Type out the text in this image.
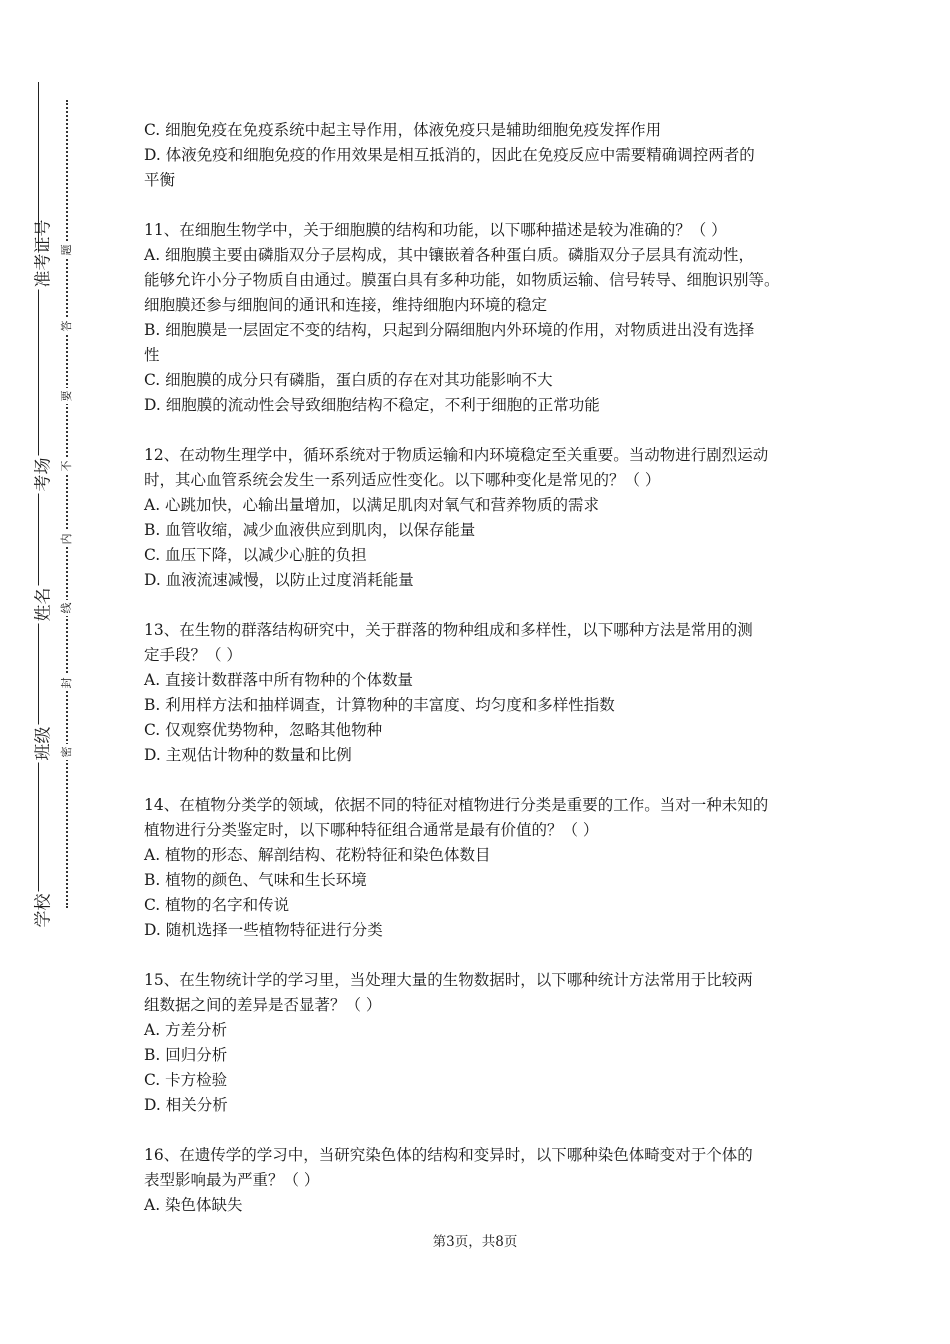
准考证号
考场
姓名
班级
学校
题
答
要
不
内
线
封
密
C. 细胞免疫在免疫系统中起主导作用，体液免疫只是辅助细胞免疫发挥作用
D. 体液免疫和细胞免疫的作用效果是相互抵消的，因此在免疫反应中需要精确调控两者的
平衡
11、在细胞生物学中，关于细胞膜的结构和功能，以下哪种描述是较为准确的？（ ）
A. 细胞膜主要由磷脂双分子层构成，其中镶嵌着各种蛋白质。磷脂双分子层具有流动性，
能够允许小分子物质自由通过。膜蛋白具有多种功能，如物质运输、信号转导、细胞识别等。
细胞膜还参与细胞间的通讯和连接，维持细胞内环境的稳定
B. 细胞膜是一层固定不变的结构，只起到分隔细胞内外环境的作用，对物质进出没有选择
性
C. 细胞膜的成分只有磷脂，蛋白质的存在对其功能影响不大
D. 细胞膜的流动性会导致细胞结构不稳定，不利于细胞的正常功能
12、在动物生理学中，循环系统对于物质运输和内环境稳定至关重要。当动物进行剧烈运动
时，其心血管系统会发生一系列适应性变化。以下哪种变化是常见的？（ ）
A. 心跳加快，心输出量增加，以满足肌肉对氧气和营养物质的需求
B. 血管收缩，减少血液供应到肌肉，以保存能量
C. 血压下降，以减少心脏的负担
D. 血液流速减慢，以防止过度消耗能量
13、在生物的群落结构研究中，关于群落的物种组成和多样性，以下哪种方法是常用的测
定手段？（ ）
A. 直接计数群落中所有物种的个体数量
B. 利用样方法和抽样调查，计算物种的丰富度、均匀度和多样性指数
C. 仅观察优势物种，忽略其他物种
D. 主观估计物种的数量和比例
14、在植物分类学的领域，依据不同的特征对植物进行分类是重要的工作。当对一种未知的
植物进行分类鉴定时，以下哪种特征组合通常是最有价值的？（ ）
A. 植物的形态、解剖结构、花粉特征和染色体数目
B. 植物的颜色、气味和生长环境
C. 植物的名字和传说
D. 随机选择一些植物特征进行分类
15、在生物统计学的学习里，当处理大量的生物数据时，以下哪种统计方法常用于比较两
组数据之间的差异是否显著？（ ）
A. 方差分析
B. 回归分析
C. 卡方检验
D. 相关分析
16、在遗传学的学习中，当研究染色体的结构和变异时，以下哪种染色体畸变对于个体的
表型影响最为严重？（ ）
A. 染色体缺失
第3页，共8页
